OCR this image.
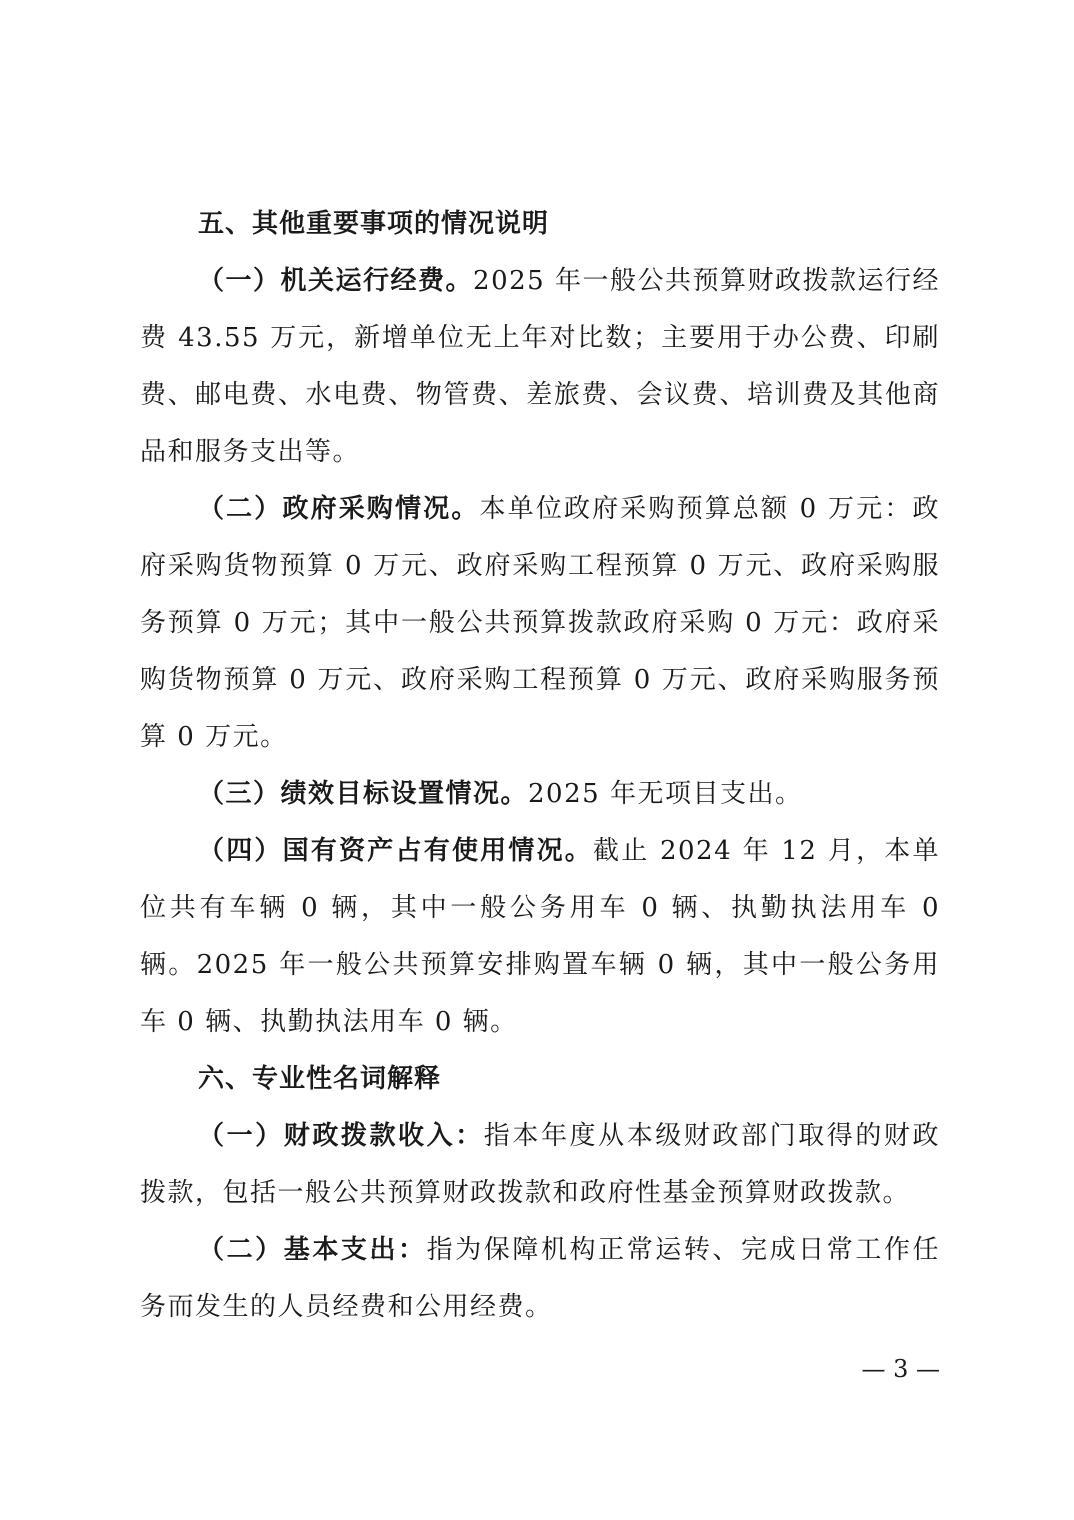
五、其他重要事项的情况说明

（一）机关运行经费。2025 年一般公共预算财政拨款运行经费 43.55 万元，新增单位无上年对比数；主要用于办公费、印刷费、邮电费、水电费、物管费、差旅费、会议费、培训费及其他商品和服务支出等。

（二）政府采购情况。本单位政府采购预算总额 0 万元：政府采购货物预算 0 万元、政府采购工程预算 0 万元、政府采购服务预算 0 万元；其中一般公共预算拨款政府采购 0 万元：政府采购货物预算 0 万元、政府采购工程预算 0 万元、政府采购服务预算 0 万元。

（三）绩效目标设置情况。2025 年无项目支出。

（四）国有资产占有使用情况。截止 2024 年 12 月，本单位共有车辆 0 辆，其中一般公务用车 0 辆、执勤执法用车 0 辆。2025 年一般公共预算安排购置车辆 0 辆，其中一般公务用车 0 辆、执勤执法用车 0 辆。

六、专业性名词解释

（一）财政拨款收入：指本年度从本级财政部门取得的财政拨款，包括一般公共预算财政拨款和政府性基金预算财政拨款。

（二）基本支出：指为保障机构正常运转、完成日常工作任务而发生的人员经费和公用经费。

— 3 —
